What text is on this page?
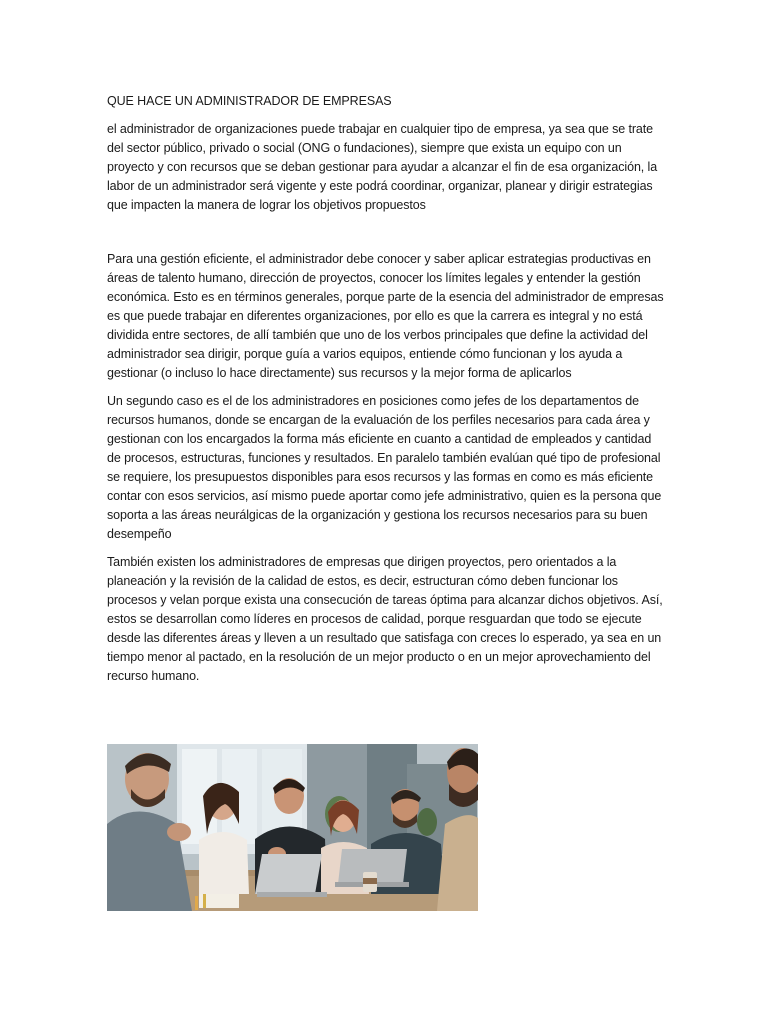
QUE HACE UN ADMINISTRADOR DE EMPRESAS

el administrador de organizaciones puede trabajar en cualquier tipo de empresa, ya sea que se trate del sector público, privado o social (ONG o fundaciones), siempre que exista un equipo con un proyecto y con recursos que se deban gestionar para ayudar a alcanzar el fin de esa organización, la labor de un administrador será vigente y este podrá coordinar, organizar, planear y dirigir estrategias que impacten la manera de lograr los objetivos propuestos

Para una gestión eficiente, el administrador debe conocer y saber aplicar estrategias productivas en áreas de talento humano, dirección de proyectos, conocer los límites legales y entender la gestión económica. Esto es en términos generales, porque parte de la esencia del administrador de empresas es que puede trabajar en diferentes organizaciones, por ello es que la carrera es integral y no está dividida entre sectores, de allí también que uno de los verbos principales que define la actividad del administrador sea dirigir, porque guía a varios equipos, entiende cómo funcionan y los ayuda a gestionar (o incluso lo hace directamente) sus recursos y la mejor forma de aplicarlos

Un segundo caso es el de los administradores en posiciones como jefes de los departamentos de recursos humanos, donde se encargan de la evaluación de los perfiles necesarios para cada área y gestionan con los encargados la forma más eficiente en cuanto a cantidad de empleados y cantidad de procesos, estructuras, funciones y resultados. En paralelo también evalúan qué tipo de profesional se requiere, los presupuestos disponibles para esos recursos y las formas en como es más eficiente contar con esos servicios, así mismo puede aportar como jefe administrativo, quien es la persona que soporta a las áreas neurálgicas de la organización y gestiona los recursos necesarios para su buen desempeño

También existen los administradores de empresas que dirigen proyectos, pero orientados a la planeación y la revisión de la calidad de estos, es decir, estructuran cómo deben funcionar los procesos y velan porque exista una consecución de tareas óptima para alcanzar dichos objetivos. Así, estos se desarrollan como líderes en procesos de calidad, porque resguardan que todo se ejecute desde las diferentes áreas y lleven a un resultado que satisfaga con creces lo esperado, ya sea en un tiempo menor al pactado, en la resolución de un mejor producto o en un mejor aprovechamiento del recurso humano.
